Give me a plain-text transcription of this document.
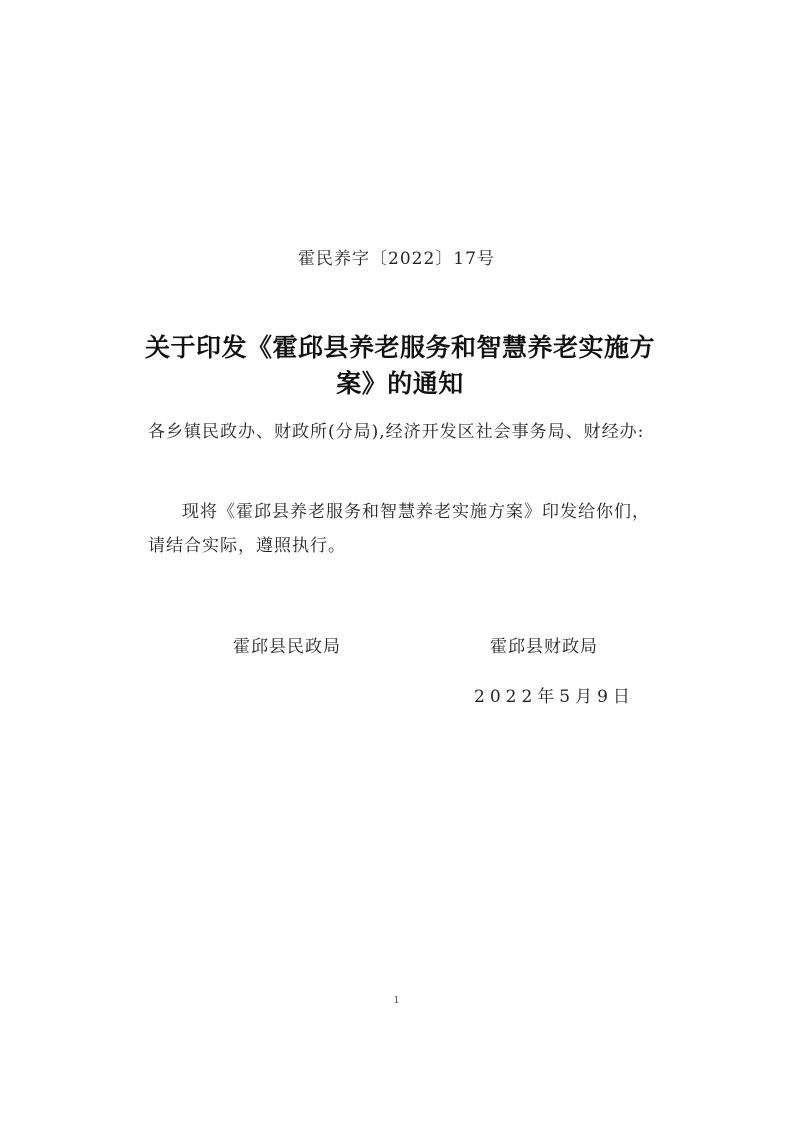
霍民养字〔2022〕17号
关于印发《霍邱县养老服务和智慧养老实施方案》的通知
各乡镇民政办、财政所(分局),经济开发区社会事务局、财经办:
现将《霍邱县养老服务和智慧养老实施方案》印发给你们，请结合实际，遵照执行。
霍邱县民政局	霍邱县财政局
2022年5月9日
1
